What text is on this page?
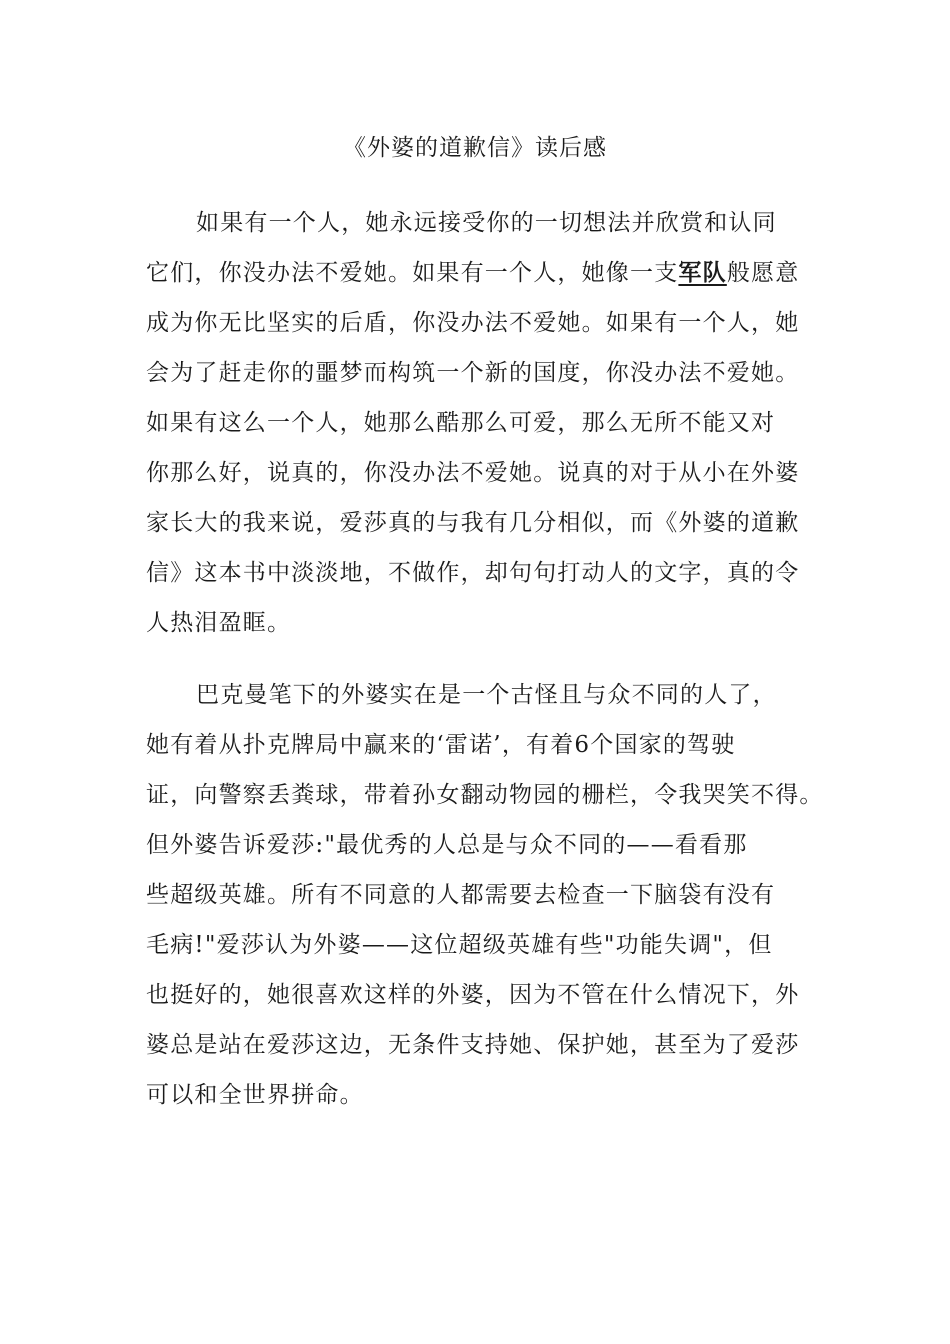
《外婆的道歉信》读后感
如果有一个人，她永远接受你的一切想法并欣赏和认同
它们，你没办法不爱她。如果有一个人，她像一支军队般愿意
成为你无比坚实的后盾，你没办法不爱她。如果有一个人，她
会为了赶走你的噩梦而构筑一个新的国度，你没办法不爱她。
如果有这么一个人，她那么酷那么可爱，那么无所不能又对
你那么好，说真的，你没办法不爱她。说真的对于从小在外婆
家长大的我来说，爱莎真的与我有几分相似，而《外婆的道歉
信》这本书中淡淡地，不做作，却句句打动人的文字，真的令
人热泪盈眶。
巴克曼笔下的外婆实在是一个古怪且与众不同的人了，
她有着从扑克牌局中赢来的‘雷诺’，有着6个国家的驾驶
证，向警察丢粪球，带着孙女翻动物园的栅栏，令我哭笑不得。
但外婆告诉爱莎:"最优秀的人总是与众不同的——看看那
些超级英雄。所有不同意的人都需要去检查一下脑袋有没有
毛病!"爱莎认为外婆——这位超级英雄有些"功能失调"，但
也挺好的，她很喜欢这样的外婆，因为不管在什么情况下，外
婆总是站在爱莎这边，无条件支持她、保护她，甚至为了爱莎
可以和全世界拼命。
